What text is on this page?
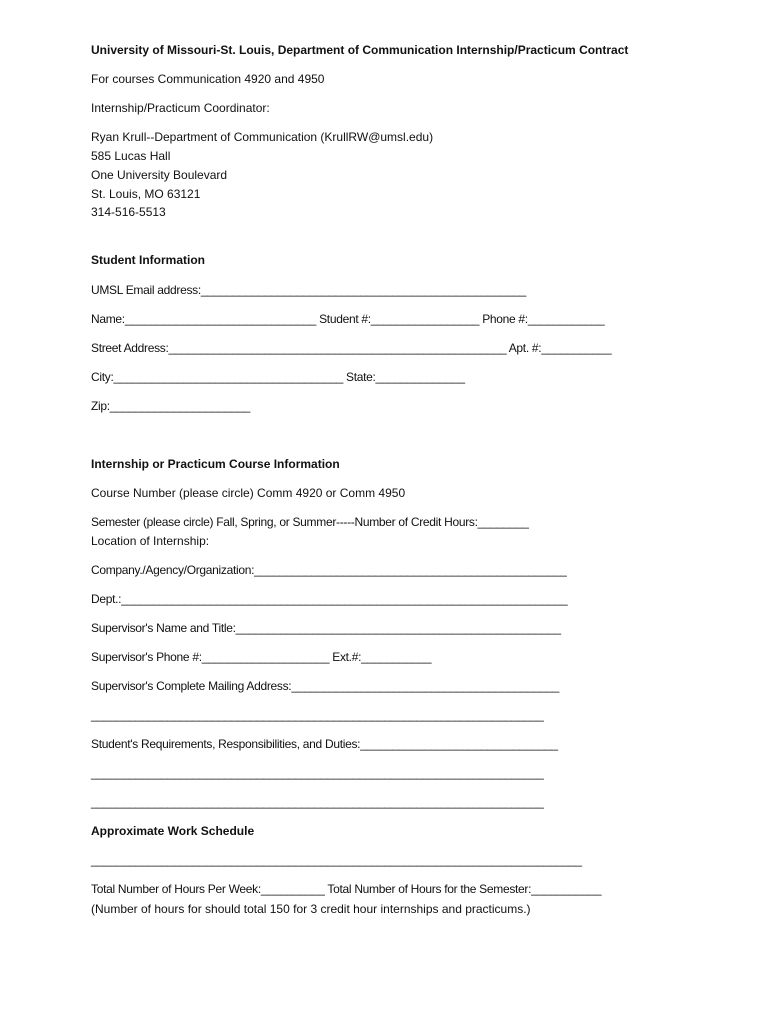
University of Missouri-St. Louis, Department of Communication Internship/Practicum Contract
For courses Communication 4920 and 4950
Internship/Practicum Coordinator:
Ryan Krull--Department of Communication (KrullRW@umsl.edu)
585 Lucas Hall
One University Boulevard
St. Louis, MO 63121
314-516-5513
Student Information
UMSL Email address:___________________________________________________
Name:______________________________ Student #:_________________ Phone #:____________
Street Address:_____________________________________________________ Apt. #:___________
City:____________________________________ State:______________
Zip:______________________
Internship or Practicum Course Information
Course Number (please circle) Comm 4920 or Comm 4950
Semester (please circle) Fall, Spring, or Summer-----Number of Credit Hours:________
Location of Internship:
Company./Agency/Organization:_________________________________________________
Dept.:______________________________________________________________________
Supervisor's Name and Title:___________________________________________________
Supervisor's Phone #:____________________ Ext.#:___________
Supervisor's Complete Mailing Address:__________________________________________
_______________________________________________________________________
Student's Requirements, Responsibilities, and Duties:_______________________________
_______________________________________________________________________
_______________________________________________________________________
Approximate Work Schedule
_____________________________________________________________________________
Total Number of Hours Per Week:__________ Total Number of Hours for the Semester:___________
(Number of hours for should total 150 for 3 credit hour internships and practicums.)
